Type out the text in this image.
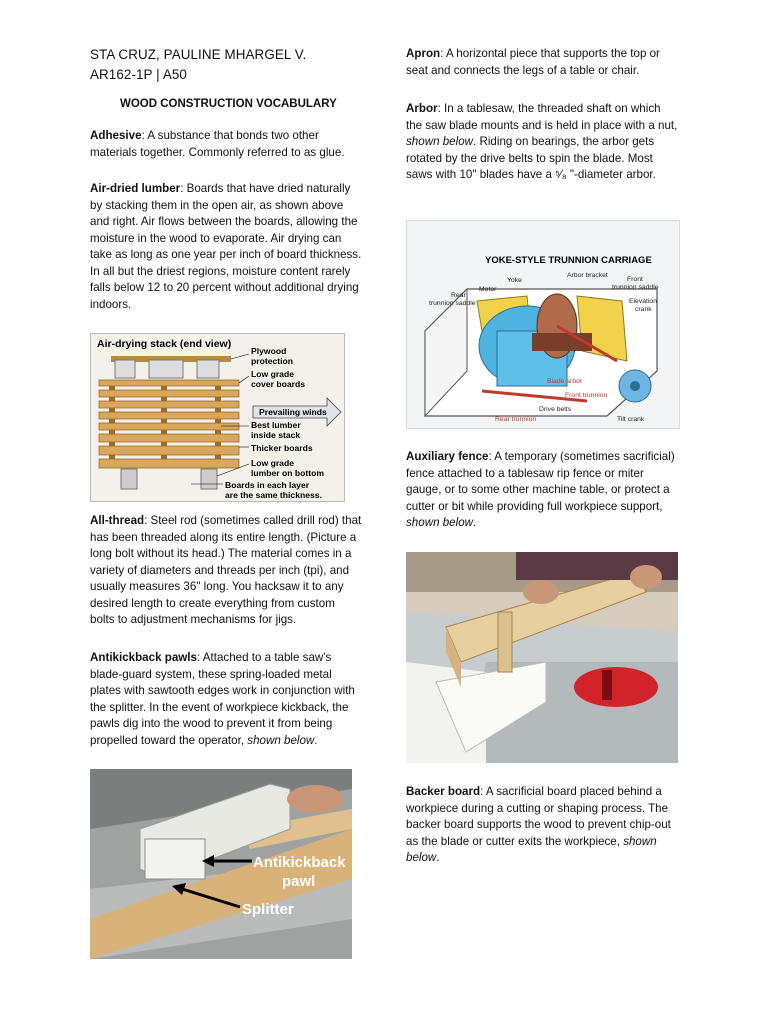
STA CRUZ, PAULINE MHARGEL V.
AR162-1P | A50
WOOD CONSTRUCTION VOCABULARY
Adhesive: A substance that bonds two other materials together. Commonly referred to as glue.
Air-dried lumber: Boards that have dried naturally by stacking them in the open air, as shown above and right. Air flows between the boards, allowing the moisture in the wood to evaporate. Air drying can take as long as one year per inch of board thickness. In all but the driest regions, moisture content rarely falls below 12 to 20 percent without additional drying indoors.
Air-drying stack (end view)
Plywood
protection
Low grade
cover boards
Prevailing winds
Best lumber
inside stack
Thicker boards
Low grade
lumber on bottom
Boards in each layer
are the same thickness.
All-thread: Steel rod (sometimes called drill rod) that has been threaded along its entire length. (Picture a long bolt without its head.) The material comes in a variety of diameters and threads per inch (tpi), and usually measures 36" long. You hacksaw it to any desired length to create everything from custom bolts to adjustment mechanisms for jigs.
Antikickback pawls: Attached to a table saw's blade-guard system, these spring-loaded metal plates with sawtooth edges work in conjunction with the splitter. In the event of workpiece kickback, the pawls dig into the wood to prevent it from being propelled toward the operator, shown below.
Antikickback
pawl
Splitter
Apron: A horizontal piece that supports the top or seat and connects the legs of a table or chair.
Arbor: In a tablesaw, the threaded shaft on which the saw blade mounts and is held in place with a nut, shown below. Riding on bearings, the arbor gets rotated by the drive belts to spin the blade. Most saws with 10" blades have a ⁵⁄₈ "-diameter arbor.
YOKE-STYLE TRUNNION CARRIAGE
Arbor bracket
Front
trunnion saddle
Yoke
Rear
trunnion saddle
Motor
Elevation
crank
Blade arbor
Front trunnion
Drive belts
Rear trunnion	Tilt crank
Auxiliary fence: A temporary (sometimes sacrificial) fence attached to a tablesaw rip fence or miter gauge, or to some other machine table, or protect a cutter or bit while providing full workpiece support, shown below.
Backer board: A sacrificial board placed behind a workpiece during a cutting or shaping process. The backer board supports the wood to prevent chip-out as the blade or cutter exits the workpiece, shown below.
